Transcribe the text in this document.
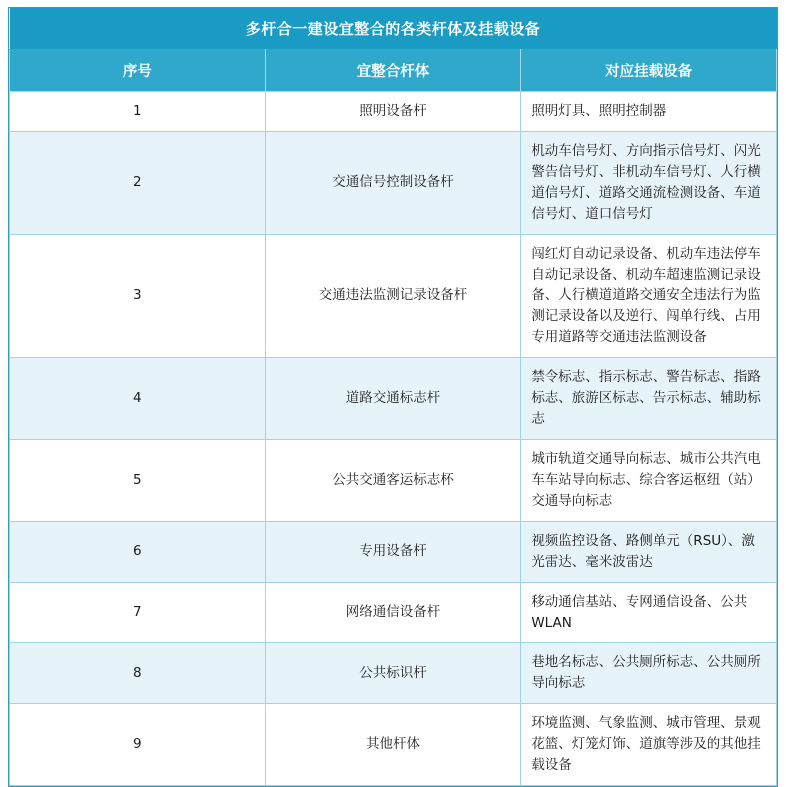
多杆合一建设宜整合的各类杆体及挂载设备		
序号	宜整合杆体	对应挂载设备
1	照明设备杆	照明灯具、照明控制器
2	交通信号控制设备杆	机动车信号灯、方向指示信号灯、闪光警告信号灯、非机动车信号灯、人行横道信号灯、道路交通流检测设备、车道信号灯、道口信号灯
3	交通违法监测记录设备杆	闯红灯自动记录设备、机动车违法停车自动记录设备、机动车超速监测记录设备、人行横道道路交通安全违法行为监测记录设备以及逆行、闯单行线、占用专用道路等交通违法监测设备
4	道路交通标志杆	禁令标志、指示标志、警告标志、指路标志、旅游区标志、告示标志、辅助标志
5	公共交通客运标志杯	城市轨道交通导向标志、城市公共汽电车车站导向标志、综合客运枢纽（站）交通导向标志
6	专用设备杆	视频监控设备、路侧单元（RSU）、激光雷达、毫米波雷达
7	网络通信设备杆	移动通信基站、专网通信设备、公共 WLAN
8	公共标识杆	巷地名标志、公共厕所标志、公共厕所导向标志
9	其他杆体	环境监测、气象监测、城市管理、景观花篮、灯笼灯饰、道旗等涉及的其他挂载设备
